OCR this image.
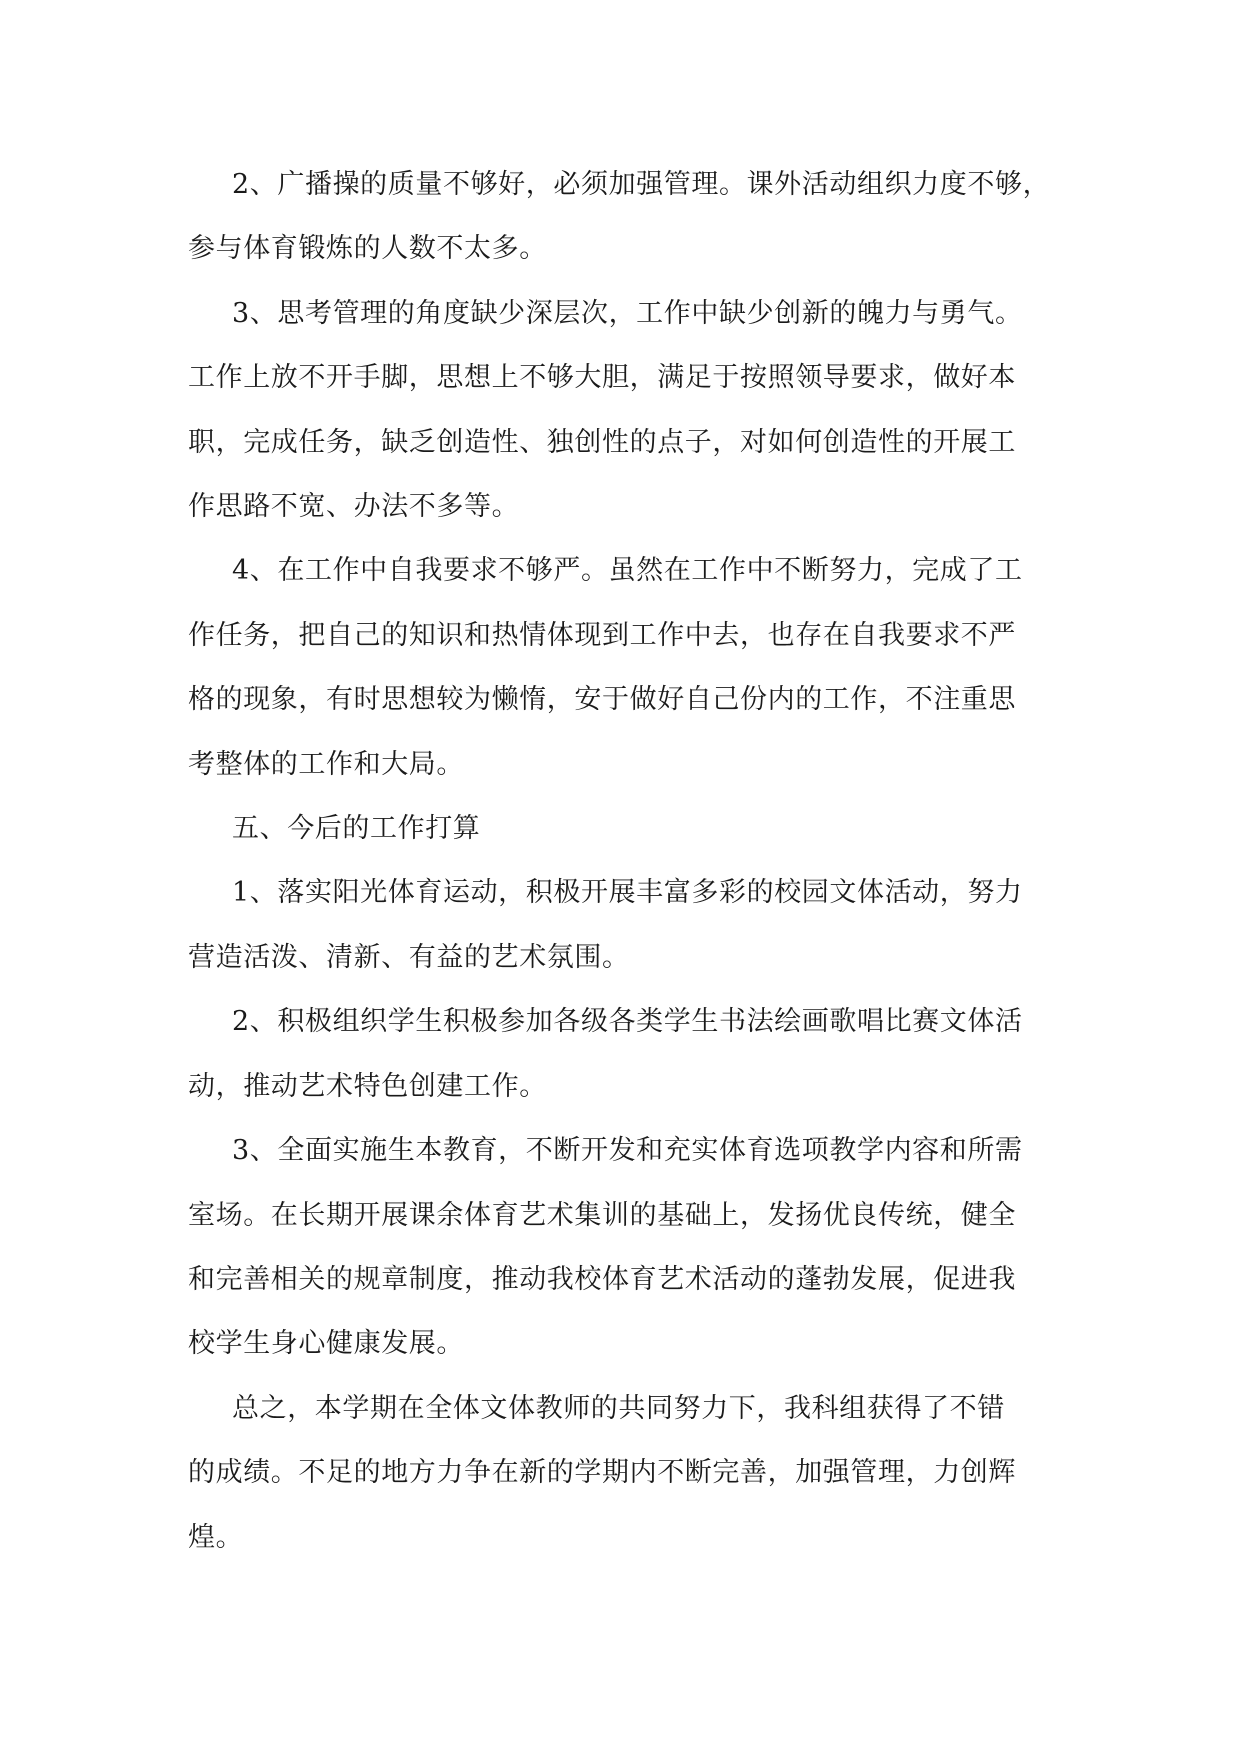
2、广播操的质量不够好，必须加强管理。课外活动组织力度不够，
参与体育锻炼的人数不太多。

3、思考管理的角度缺少深层次，工作中缺少创新的魄力与勇气。
工作上放不开手脚，思想上不够大胆，满足于按照领导要求，做好本
职，完成任务，缺乏创造性、独创性的点子，对如何创造性的开展工
作思路不宽、办法不多等。

4、在工作中自我要求不够严。虽然在工作中不断努力，完成了工
作任务，把自己的知识和热情体现到工作中去，也存在自我要求不严
格的现象，有时思想较为懒惰，安于做好自己份内的工作，不注重思
考整体的工作和大局。

五、今后的工作打算

1、落实阳光体育运动，积极开展丰富多彩的校园文体活动，努力
营造活泼、清新、有益的艺术氛围。

2、积极组织学生积极参加各级各类学生书法绘画歌唱比赛文体活
动，推动艺术特色创建工作。

3、全面实施生本教育，不断开发和充实体育选项教学内容和所需
室场。在长期开展课余体育艺术集训的基础上，发扬优良传统，健全
和完善相关的规章制度，推动我校体育艺术活动的蓬勃发展，促进我
校学生身心健康发展。

总之，本学期在全体文体教师的共同努力下，我科组获得了不错
的成绩。不足的地方力争在新的学期内不断完善，加强管理，力创辉
煌。
